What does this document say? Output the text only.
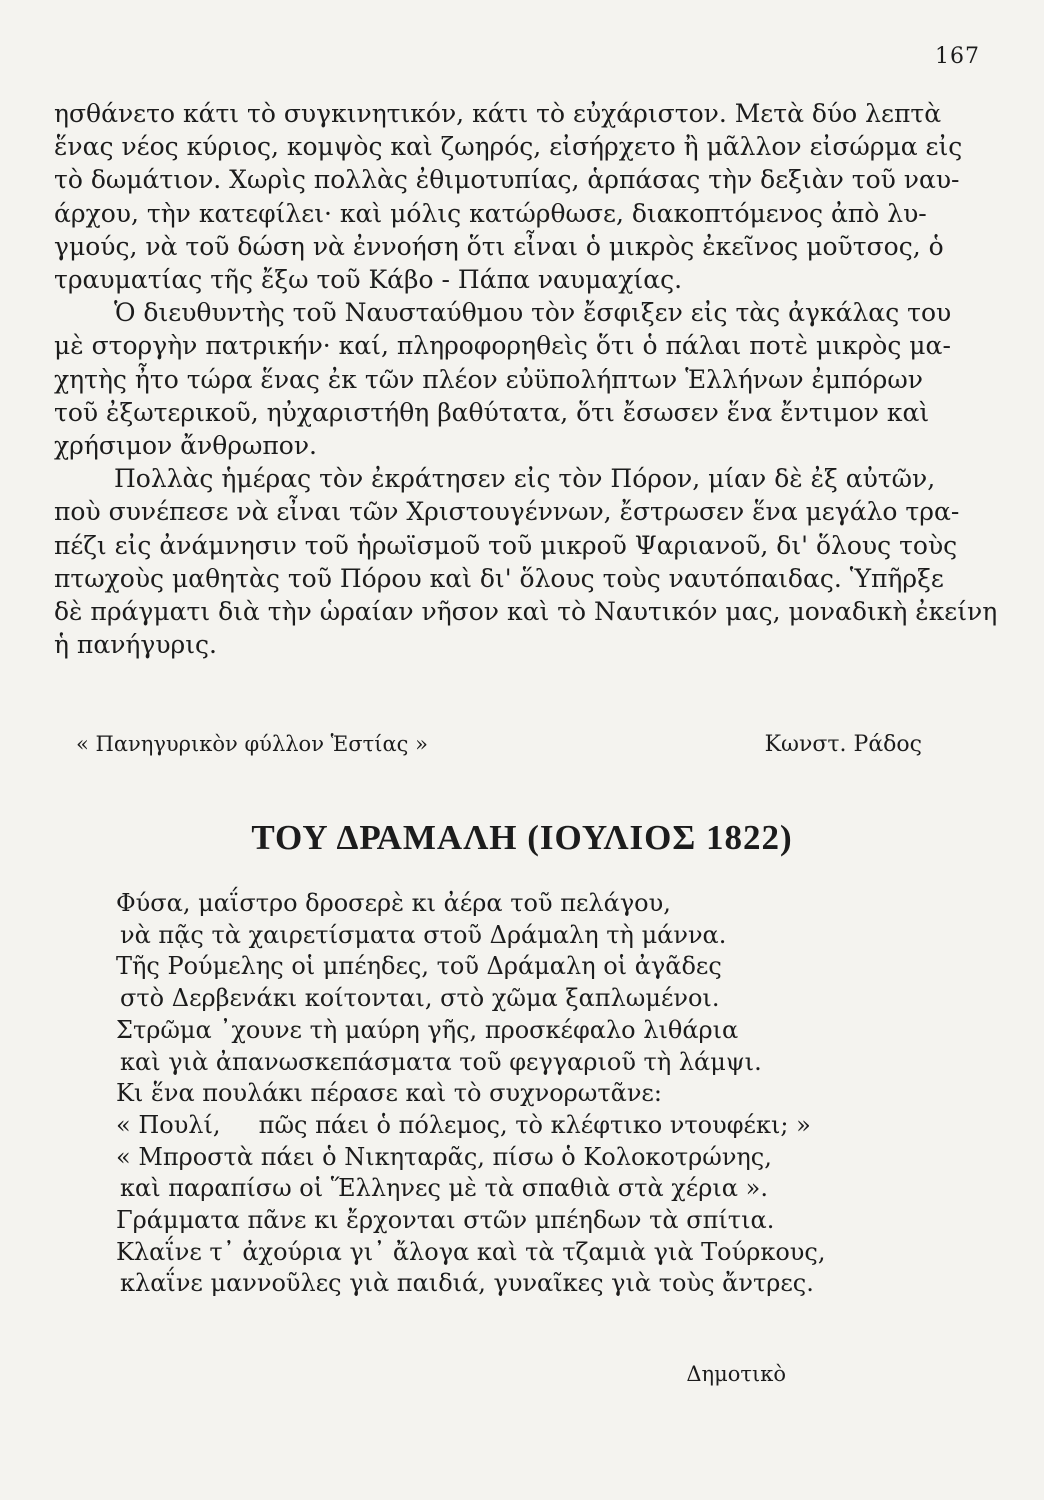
167

ησθάνετο κάτι τὸ συγκινητικόν, κάτι τὸ εὐχάριστον. Μετὰ δύο λεπτὰ
ἕνας νέος κύριος, κομψὸς καὶ ζωηρός, εἰσήρχετο ἢ μᾶλλον εἰσώρμα εἰς
τὸ δωμάτιον. Χωρὶς πολλὰς ἐθιμοτυπίας, ἁρπάσας τὴν δεξιὰν τοῦ ναυ-
άρχου, τὴν κατεφίλει· καὶ μόλις κατώρθωσε, διακοπτόμενος ἀπὸ λυ-
γμούς, νὰ τοῦ δώση νὰ ἐννοήση ὅτι εἶναι ὁ μικρὸς ἐκεῖνος μοῦτσος, ὁ
τραυματίας τῆς ἔξω τοῦ Κάβο - Πάπα ναυμαχίας.

Ὁ διευθυντὴς τοῦ Ναυσταύθμου τὸν ἔσφιξεν εἰς τὰς ἀγκάλας του
μὲ στοργὴν πατρικήν· καί, πληροφορηθεὶς ὅτι ὁ πάλαι ποτὲ μικρὸς μα-
χητὴς ἦτο τώρα ἕνας ἐκ τῶν πλέον εὐϋπολήπτων Ἑλλήνων ἐμπόρων
τοῦ ἐξωτερικοῦ, ηὐχαριστήθη βαθύτατα, ὅτι ἔσωσεν ἕνα ἔντιμον καὶ
χρήσιμον ἄνθρωπον.

Πολλὰς ἡμέρας τὸν ἐκράτησεν εἰς τὸν Πόρον, μίαν δὲ ἐξ αὐτῶν,
ποὺ συνέπεσε νὰ εἶναι τῶν Χριστουγέννων, ἔστρωσεν ἕνα μεγάλο τρα-
πέζι εἰς ἀνάμνησιν τοῦ ἡρωϊσμοῦ τοῦ μικροῦ Ψαριανοῦ, δι' ὅλους τοὺς
πτωχοὺς μαθητὰς τοῦ Πόρου καὶ δι' ὅλους τοὺς ναυτόπαιδας. Ὑπῆρξε
δὲ πράγματι διὰ τὴν ὡραίαν νῆσον καὶ τὸ Ναυτικόν μας, μοναδικὴ ἐκείνη
ἡ πανήγυρις.

« Πανηγυρικὸν φύλλον Ἑστίας »	Κωνστ. Ράδος
ΤΟΥ ΔΡΑΜΑΛΗ (ΙΟΥΛΙΟΣ 1822)
Φύσα, μαΐστρο δροσερὲ κι ἀέρα τοῦ πελάγου,
νὰ πᾷς τὰ χαιρετίσματα στοῦ Δράμαλη τὴ μάννα.
Τῆς Ρούμελης οἱ μπέηδες, τοῦ Δράμαλη οἱ ἀγᾶδες
στὸ Δερβενάκι κοίτονται, στὸ χῶμα ξαπλωμένοι.
Στρῶμα ᾿χουνε τὴ μαύρη γῆς, προσκέφαλο λιθάρια
καὶ γιὰ ἀπανωσκεπάσματα τοῦ φεγγαριοῦ τὴ λάμψι.
Κι ἕνα πουλάκι πέρασε καὶ τὸ συχνορωτᾶνε:
« Πουλί,     πῶς πάει ὁ πόλεμος, τὸ κλέφτικο ντουφέκι; »
« Μπροστὰ πάει ὁ Νικηταρᾶς, πίσω ὁ Κολοκοτρώνης,
καὶ παραπίσω οἱ Ἕλληνες μὲ τὰ σπαθιὰ στὰ χέρια ».
Γράμματα πᾶνε κι ἔρχονται στῶν μπέηδων τὰ σπίτια.
Κλαΐνε τ᾿ ἀχούρια γι᾿ ἄλογα καὶ τὰ τζαμιὰ γιὰ Τούρκους,
κλαΐνε μαννοῦλες γιὰ παιδιά, γυναῖκες γιὰ τοὺς ἄντρες.
Δημοτικὸ
